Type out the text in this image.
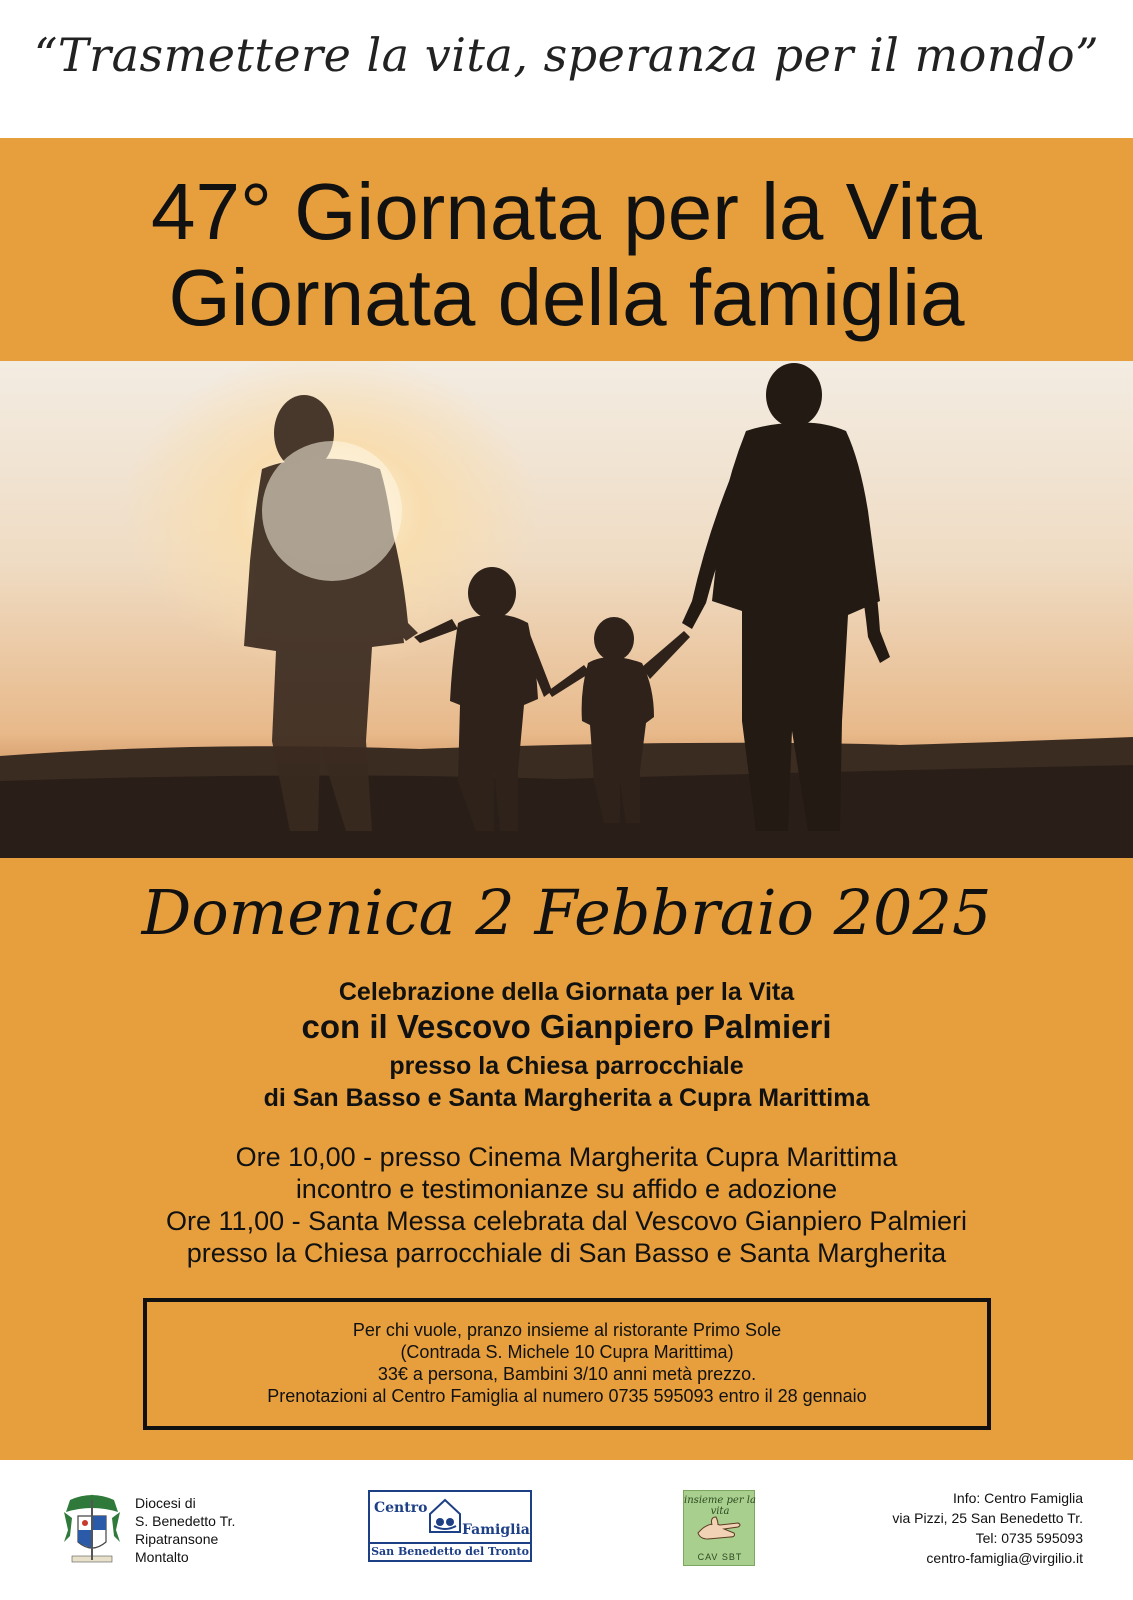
“Trasmettere la vita, speranza per il mondo”
47° Giornata per la Vita
Giornata della famiglia
Domenica 2 Febbraio 2025
Celebrazione della Giornata per la Vita
con il Vescovo Gianpiero Palmieri
presso la Chiesa parrocchiale
di San Basso e Santa Margherita a Cupra Marittima
Ore 10,00 - presso Cinema Margherita Cupra Marittima
incontro e testimonianze su affido e adozione
Ore 11,00 - Santa Messa celebrata dal Vescovo Gianpiero Palmieri
presso la Chiesa parrocchiale di San Basso e Santa Margherita
Per chi vuole, pranzo insieme al ristorante Primo Sole
(Contrada S. Michele 10 Cupra Marittima)
33€ a persona, Bambini 3/10 anni metà prezzo.
Prenotazioni al Centro Famiglia al numero 0735 595093 entro il 28 gennaio
Diocesi di
S. Benedetto Tr.
Ripatransone
Montalto
Centro
Famiglia
San Benedetto del Tronto
insieme per la vita
CAV SBT
Info: Centro Famiglia
via Pizzi, 25 San Benedetto Tr.
Tel: 0735 595093
centro-famiglia@virgilio.it
